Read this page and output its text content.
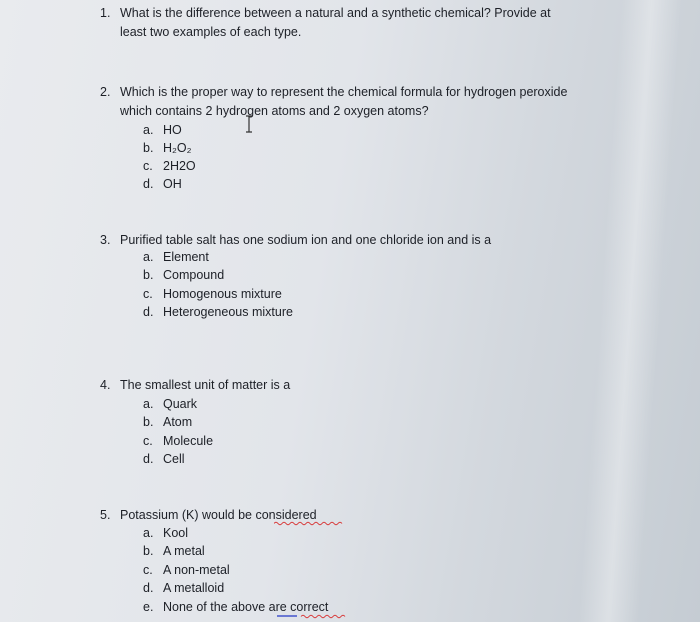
1. What is the difference between a natural and a synthetic chemical? Provide at
least two examples of each type.
2. Which is the proper way to represent the chemical formula for hydrogen peroxide
which contains 2 hydrogen atoms and 2 oxygen atoms?
a. HO
b. H₂O₂
c. 2H2O
d. OH
3. Purified table salt has one sodium ion and one chloride ion and is a
a. Element
b. Compound
c. Homogenous mixture
d. Heterogeneous mixture
4. The smallest unit of matter is a
a. Quark
b. Atom
c. Molecule
d. Cell
5. Potassium (K) would be considered
a. Kool
b. A metal
c. A non-metal
d. A metalloid
e. None of the above are correct
